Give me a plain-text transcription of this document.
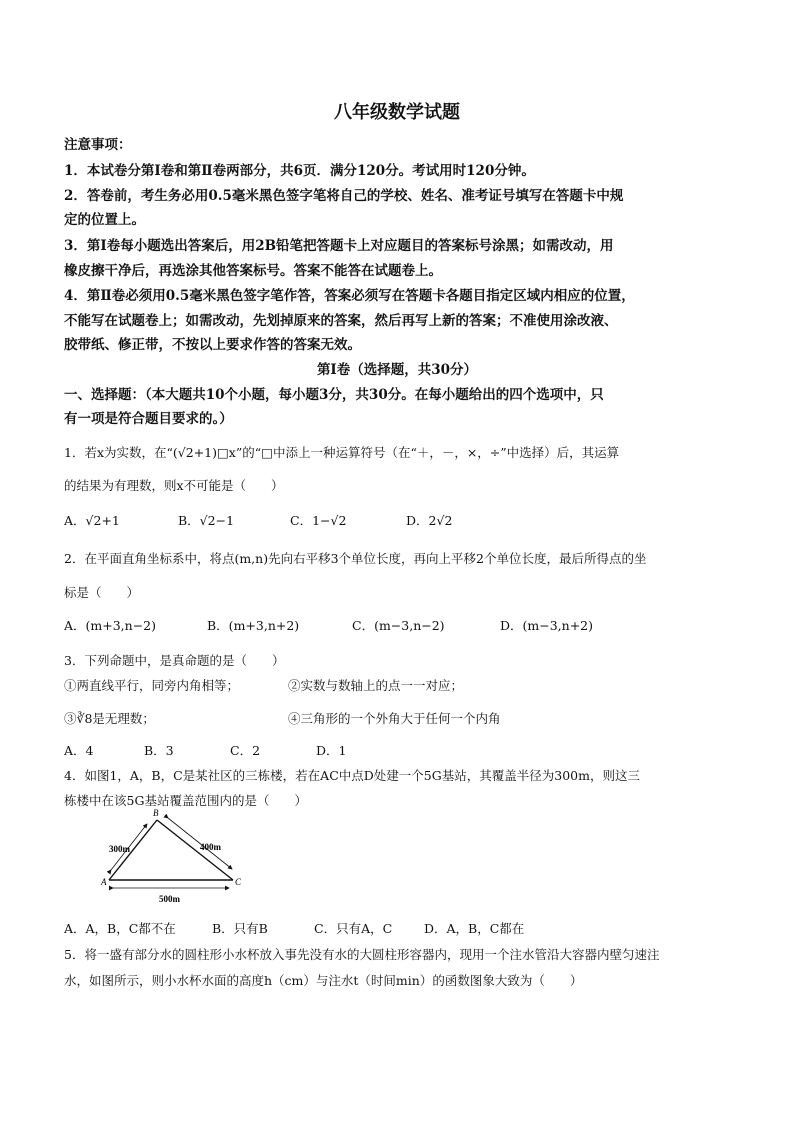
八年级数学试题
注意事项：
1．本试卷分第Ⅰ卷和第Ⅱ卷两部分，共6页．满分120分。考试用时120分钟。
2．答卷前，考生务必用0.5毫米黑色签字笔将自己的学校、姓名、准考证号填写在答题卡中规
定的位置上。
3．第Ⅰ卷每小题选出答案后，用2B铅笔把答题卡上对应题目的答案标号涂黑；如需改动，用
橡皮擦干净后，再选涂其他答案标号。答案不能答在试题卷上。
4．第Ⅱ卷必须用0.5毫米黑色签字笔作答，答案必须写在答题卡各题目指定区域内相应的位置，
不能写在试题卷上；如需改动，先划掉原来的答案，然后再写上新的答案；不准使用涂改液、
胶带纸、修正带，不按以上要求作答的答案无效。
第Ⅰ卷（选择题，共30分）
一、选择题：（本大题共10个小题，每小题3分，共30分。在每小题给出的四个选项中，只
有一项是符合题目要求的。）
1．若x为实数，在“(√2+1)□x”的“□中添上一种运算符号（在“＋，－，×，÷”中选择）后，其运算
的结果为有理数，则x不可能是（　　）
A．√2+1	B．√2−1	C．1−√2	D．2√2
2．在平面直角坐标系中，将点(m,n)先向右平移3个单位长度，再向上平移2个单位长度，最后所得点的坐
标是（　　）
A．(m+3,n−2)	B．(m+3,n+2)	C．(m−3,n−2)	D．(m−3,n+2)
3．下列命题中，是真命题的是（　　）
①两直线平行，同旁内角相等；	②实数与数轴上的点一一对应；
③∛8是无理数；	④三角形的一个外角大于任何一个内角
A．4	B．3	C．2	D．1
4．如图1，A，B，C是某社区的三栋楼，若在AC中点D处建一个5G基站，其覆盖半径为300m，则这三
栋楼中在该5G基站覆盖范围内的是（　　）
A
B
C
300m	400m
500m
A．A，B，C都不在	B．只有B	C．只有A，C	D．A，B，C都在
5．将一盛有部分水的圆柱形小水杯放入事先没有水的大圆柱形容器内，现用一个注水管沿大容器内壁匀速注
水，如图所示，则小水杯水面的高度h（cm）与注水t（时间min）的函数图象大致为（　　）
